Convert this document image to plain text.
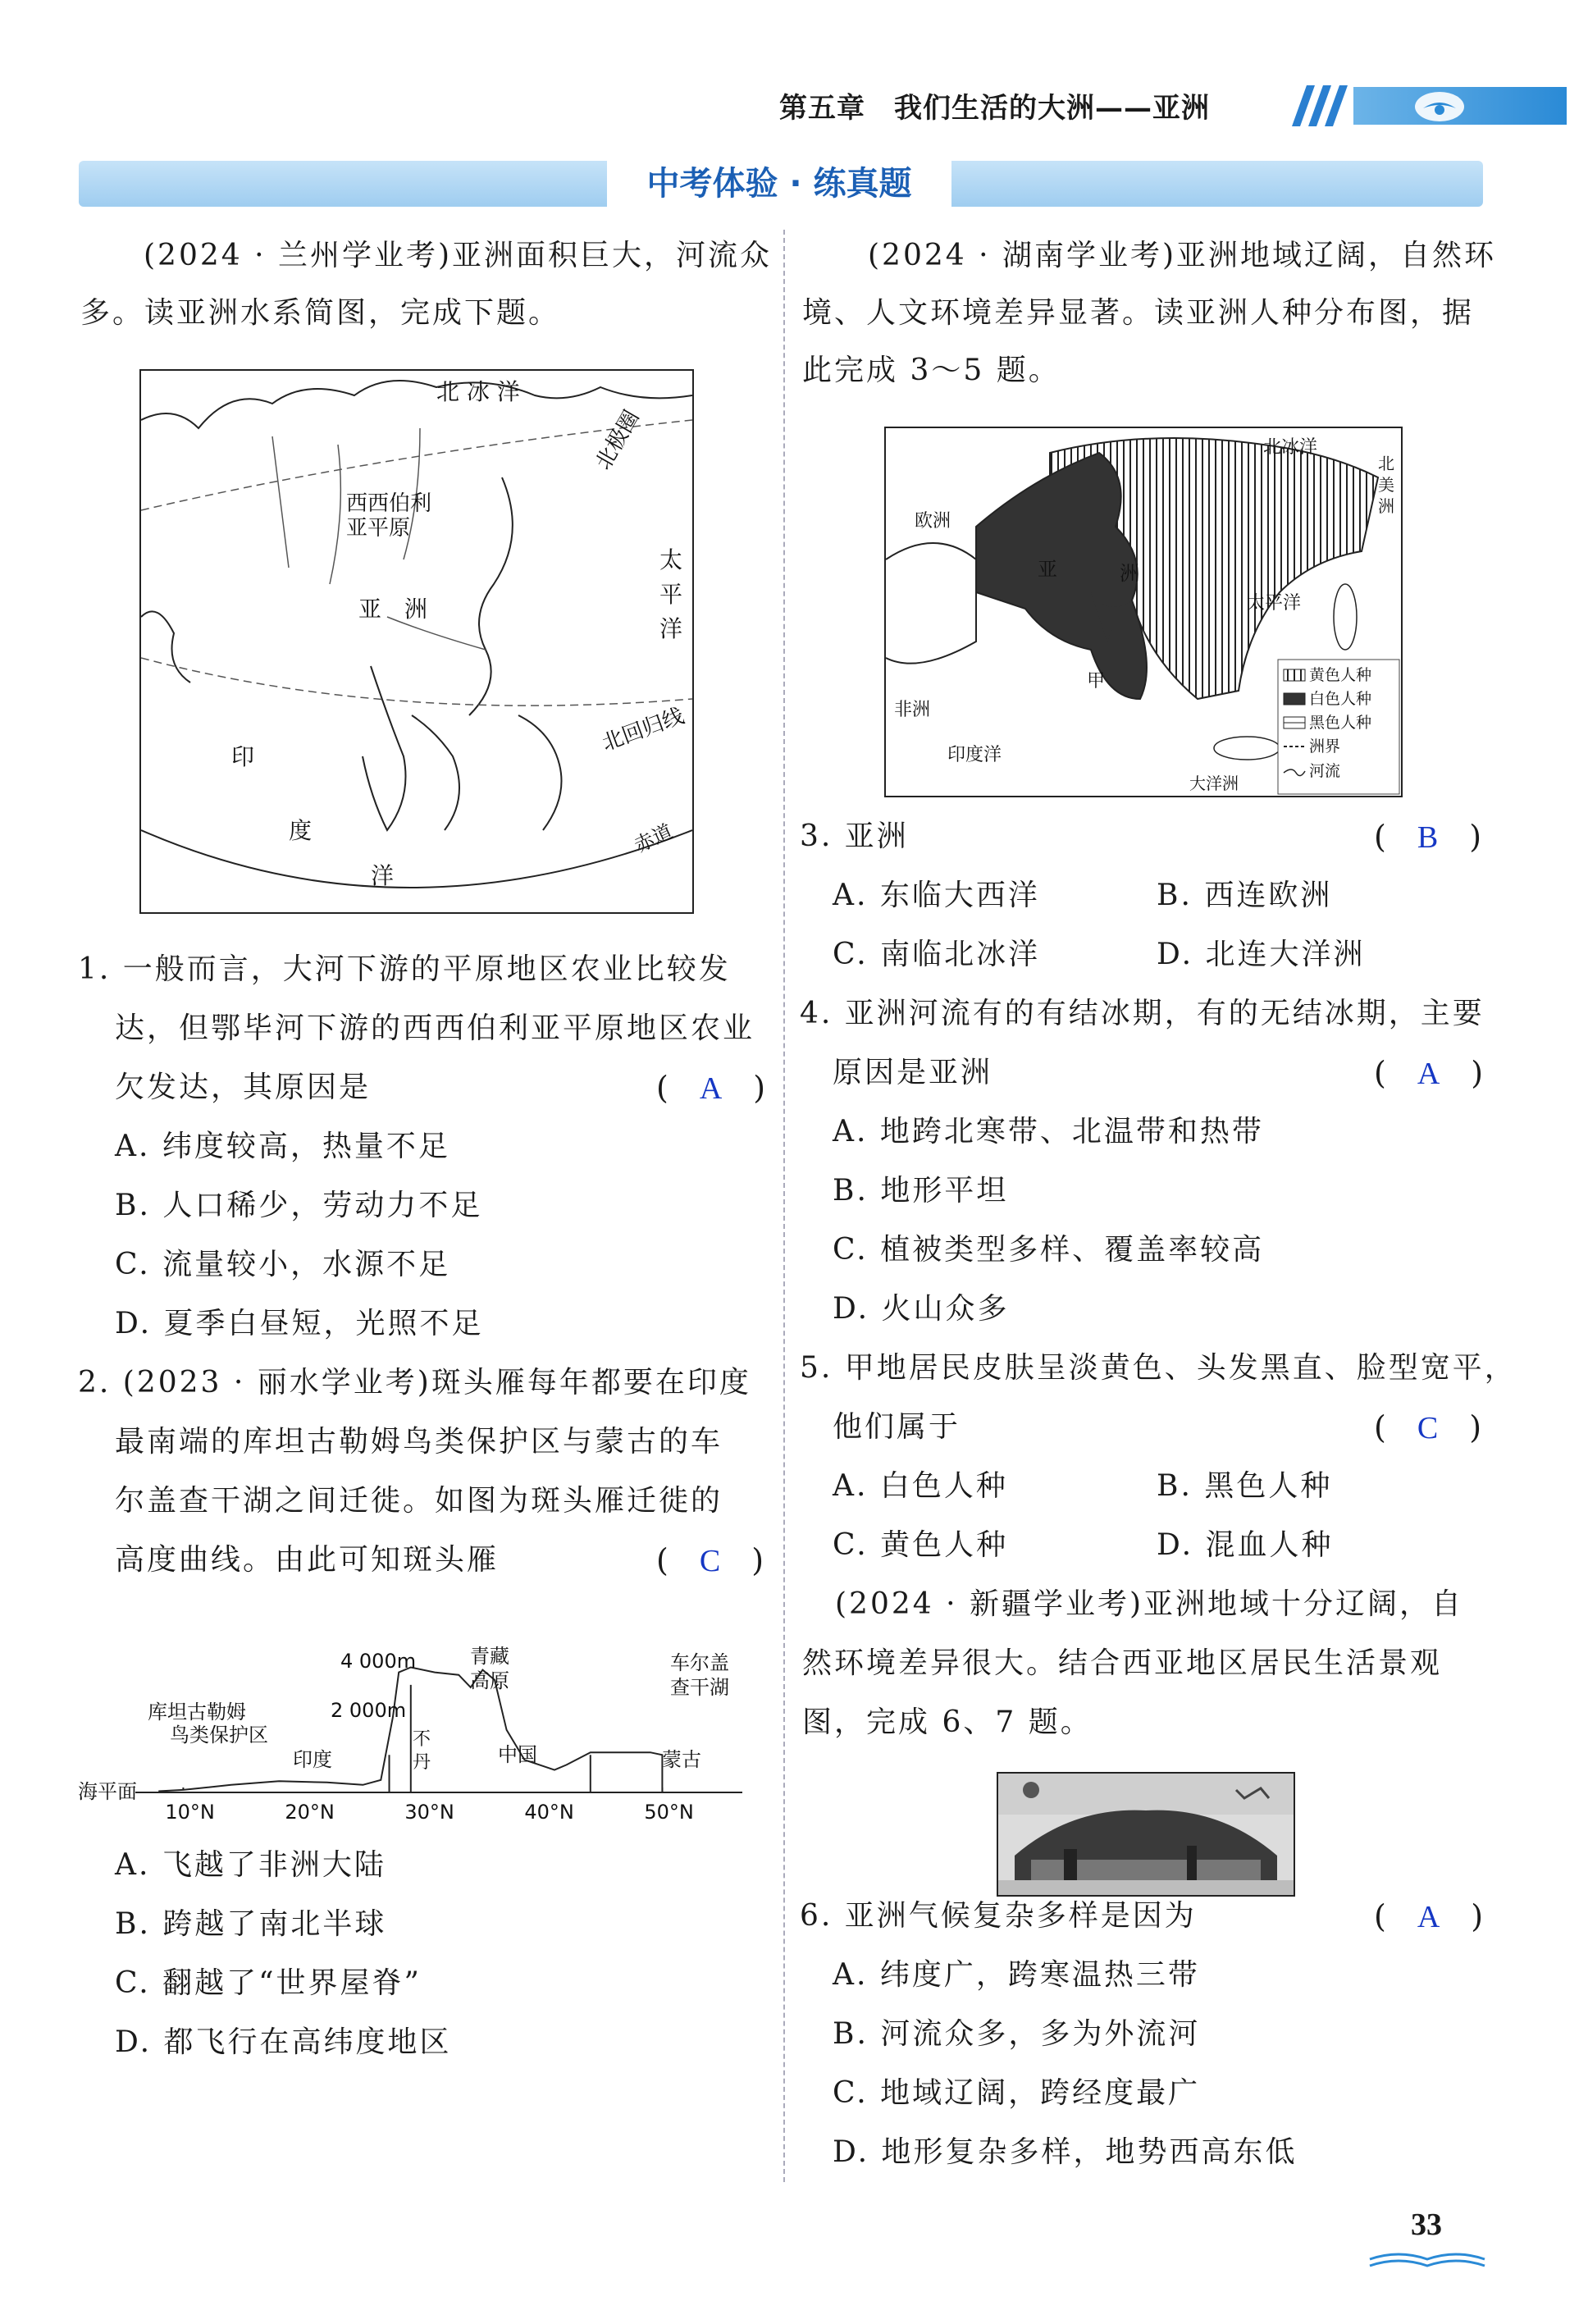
第五章　我们生活的大洲——亚洲
中考体验 · 练真题
(2024 · 兰州学业考)亚洲面积巨大，河流众
多。读亚洲水系简图，完成下题。
北 冰 洋
北极圈
西西伯利
亚平原
亚　洲
太
平
洋
北回归线
印
度
洋
赤道
1. 一般而言，大河下游的平原地区农业比较发
达，但鄂毕河下游的西西伯利亚平原地区农业
欠发达，其原因是	(　A　)
A. 纬度较高，热量不足
B. 人口稀少，劳动力不足
C. 流量较小，水源不足
D. 夏季白昼短，光照不足
2. (2023 · 丽水学业考)斑头雁每年都要在印度
最南端的库坦古勒姆鸟类保护区与蒙古的车
尔盖查干湖之间迁徙。如图为斑头雁迁徙的
高度曲线。由此可知斑头雁	(　C　)
10°N	20°N	30°N	40°N	50°N
4 000m
2 000m
海平面
库坦古勒姆
鸟类保护区
印度
不
丹
青藏
高原
中国
车尔盖
查干湖
蒙古
A. 飞越了非洲大陆
B. 跨越了南北半球
C. 翻越了“世界屋脊”
D. 都飞行在高纬度地区
(2024 · 湖南学业考)亚洲地域辽阔，自然环
境、人文环境差异显著。读亚洲人种分布图，据
此完成 3～5 题。
北冰洋
北
美
洲
欧洲
亚	洲
太平洋
非洲
印度洋
甲
大洋洲
黄色人种
白色人种
黑色人种
洲界
河流
3. 亚洲	(　B　)
A. 东临大西洋	B. 西连欧洲
C. 南临北冰洋	D. 北连大洋洲
4. 亚洲河流有的有结冰期，有的无结冰期，主要
原因是亚洲	(　A　)
A. 地跨北寒带、北温带和热带
B. 地形平坦
C. 植被类型多样、覆盖率较高
D. 火山众多
5. 甲地居民皮肤呈淡黄色、头发黑直、脸型宽平，
他们属于	(　C　)
A. 白色人种	B. 黑色人种
C. 黄色人种	D. 混血人种
(2024 · 新疆学业考)亚洲地域十分辽阔，自
然环境差异很大。结合西亚地区居民生活景观
图，完成 6、7 题。
6. 亚洲气候复杂多样是因为	(　A　)
A. 纬度广，跨寒温热三带
B. 河流众多，多为外流河
C. 地域辽阔，跨经度最广
D. 地形复杂多样，地势西高东低
33
